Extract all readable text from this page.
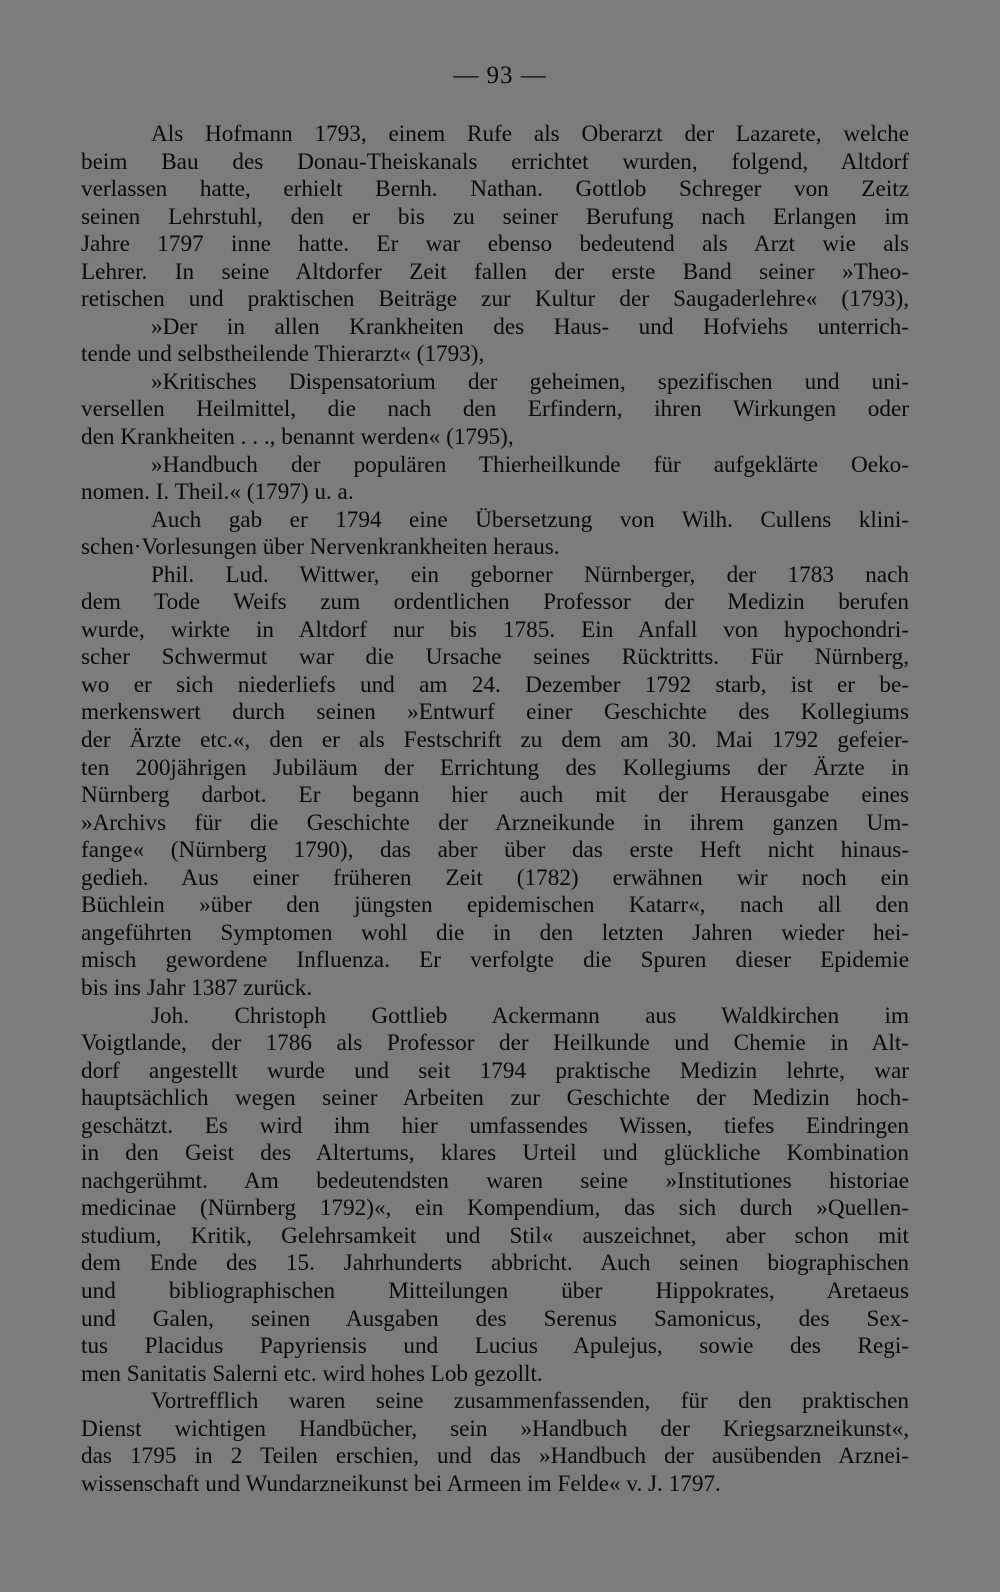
— 93 —
Als Hofmann 1793, einem Rufe als Oberarzt der Lazarete, welche
beim Bau des Donau-Theiskanals errichtet wurden, folgend, Altdorf
verlassen hatte, erhielt Bernh. Nathan. Gottlob Schreger von Zeitz
seinen Lehrstuhl, den er bis zu seiner Berufung nach Erlangen im
Jahre 1797 inne hatte. Er war ebenso bedeutend als Arzt wie als
Lehrer. In seine Altdorfer Zeit fallen der erste Band seiner »Theo-
retischen und praktischen Beiträge zur Kultur der Saugaderlehre« (1793),
»Der in allen Krankheiten des Haus- und Hofviehs unterrich-
tende und selbstheilende Thierarzt« (1793),
»Kritisches Dispensatorium der geheimen, spezifischen und uni-
versellen Heilmittel, die nach den Erfindern, ihren Wirkungen oder
den Krankheiten . . ., benannt werden« (1795),
»Handbuch der populären Thierheilkunde für aufgeklärte Oeko-
nomen. I. Theil.« (1797) u. a.
Auch gab er 1794 eine Übersetzung von Wilh. Cullens klini-
schen·Vorlesungen über Nervenkrankheiten heraus.
Phil. Lud. Wittwer, ein geborner Nürnberger, der 1783 nach
dem Tode Weifs zum ordentlichen Professor der Medizin berufen
wurde, wirkte in Altdorf nur bis 1785. Ein Anfall von hypochondri-
scher Schwermut war die Ursache seines Rücktritts. Für Nürnberg,
wo er sich niederliefs und am 24. Dezember 1792 starb, ist er be-
merkenswert durch seinen »Entwurf einer Geschichte des Kollegiums
der Ärzte etc.«, den er als Festschrift zu dem am 30. Mai 1792 gefeier-
ten 200jährigen Jubiläum der Errichtung des Kollegiums der Ärzte in
Nürnberg darbot. Er begann hier auch mit der Herausgabe eines
»Archivs für die Geschichte der Arzneikunde in ihrem ganzen Um-
fange« (Nürnberg 1790), das aber über das erste Heft nicht hinaus-
gedieh. Aus einer früheren Zeit (1782) erwähnen wir noch ein
Büchlein »über den jüngsten epidemischen Katarr«, nach all den
angeführten Symptomen wohl die in den letzten Jahren wieder hei-
misch gewordene Influenza. Er verfolgte die Spuren dieser Epidemie
bis ins Jahr 1387 zurück.
Joh. Christoph Gottlieb Ackermann aus Waldkirchen im
Voigtlande, der 1786 als Professor der Heilkunde und Chemie in Alt-
dorf angestellt wurde und seit 1794 praktische Medizin lehrte, war
hauptsächlich wegen seiner Arbeiten zur Geschichte der Medizin hoch-
geschätzt. Es wird ihm hier umfassendes Wissen, tiefes Eindringen
in den Geist des Altertums, klares Urteil und glückliche Kombination
nachgerühmt. Am bedeutendsten waren seine »Institutiones historiae
medicinae (Nürnberg 1792)«, ein Kompendium, das sich durch »Quellen-
studium, Kritik, Gelehrsamkeit und Stil« auszeichnet, aber schon mit
dem Ende des 15. Jahrhunderts abbricht. Auch seinen biographischen
und bibliographischen Mitteilungen über Hippokrates, Aretaeus
und Galen, seinen Ausgaben des Serenus Samonicus, des Sex-
tus Placidus Papyriensis und Lucius Apulejus, sowie des Regi-
men Sanitatis Salerni etc. wird hohes Lob gezollt.
Vortrefflich waren seine zusammenfassenden, für den praktischen
Dienst wichtigen Handbücher, sein »Handbuch der Kriegsarzneikunst«,
das 1795 in 2 Teilen erschien, und das »Handbuch der ausübenden Arznei-
wissenschaft und Wundarzneikunst bei Armeen im Felde« v. J. 1797.
